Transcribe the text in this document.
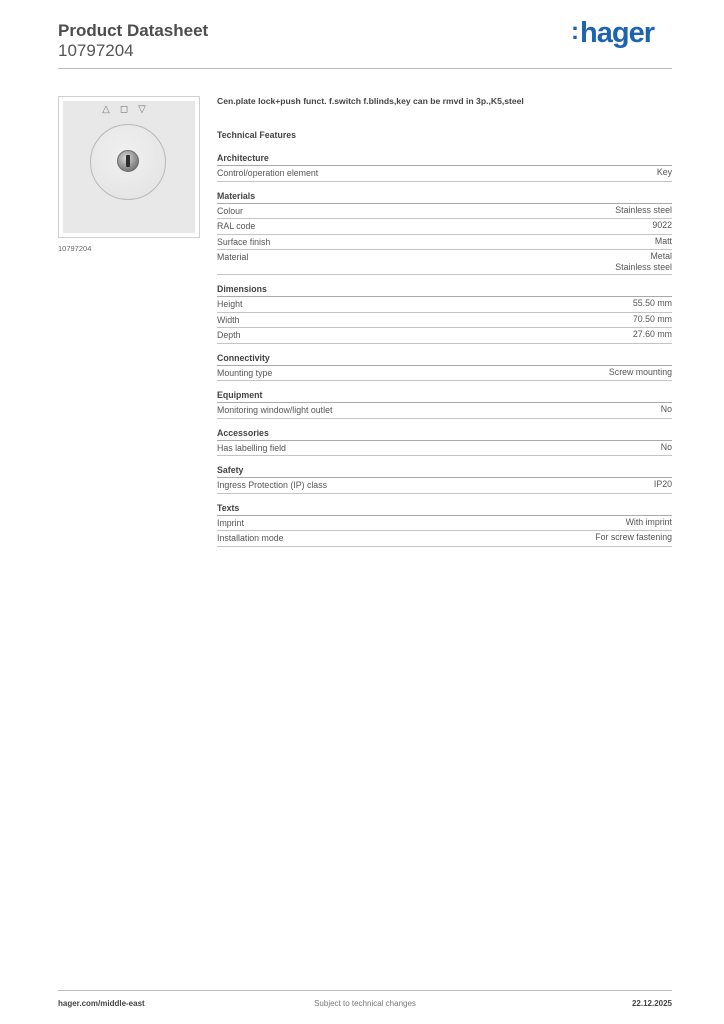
Product Datasheet
10797204
:hager
△◻▽
10797204
Cen.plate lock+push funct. f.switch f.blinds,key can be rmvd in 3p.,K5,steel
Technical Features
Architecture
Control/operation element	Key
Materials
Colour	Stainless steel
RAL code	9022
Surface finish	Matt
Material	Metal
Stainless steel
Dimensions
Height	55.50 mm
Width	70.50 mm
Depth	27.60 mm
Connectivity
Mounting type	Screw mounting
Equipment
Monitoring window/light outlet	No
Accessories
Has labelling field	No
Safety
Ingress Protection (IP) class	IP20
Texts
Imprint	With imprint
Installation mode	For screw fastening
hager.com/middle-east	Subject to technical changes	22.12.2025
